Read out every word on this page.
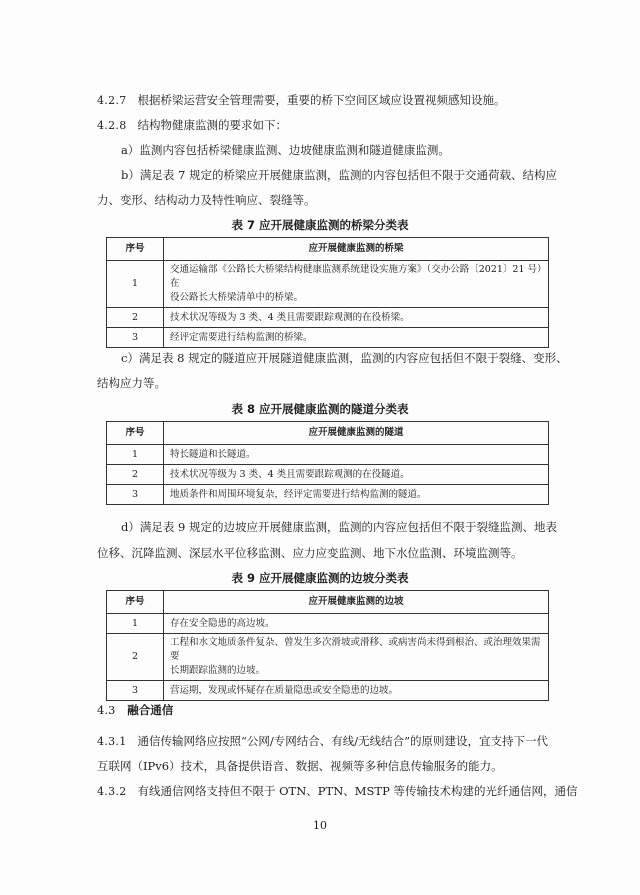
4.2.7 根据桥梁运营安全管理需要，重要的桥下空间区域应设置视频感知设施。
4.2.8 结构物健康监测的要求如下：
a）监测内容包括桥梁健康监测、边坡健康监测和隧道健康监测。
b）满足表 7 规定的桥梁应开展健康监测，监测的内容包括但不限于交通荷载、结构应
力、变形、结构动力及特性响应、裂缝等。
表 7 应开展健康监测的桥梁分类表
序号	应开展健康监测的桥梁
1	交通运输部《公路长大桥梁结构健康监测系统建设实施方案》（交办公路〔2021〕21 号）在
役公路长大桥梁清单中的桥梁。
2	技术状况等级为 3 类、4 类且需要跟踪观测的在役桥梁。
3	经评定需要进行结构监测的桥梁。
c）满足表 8 规定的隧道应开展隧道健康监测，监测的内容应包括但不限于裂缝、变形、
结构应力等。
表 8 应开展健康监测的隧道分类表
序号	应开展健康监测的隧道
1	特长隧道和长隧道。
2	技术状况等级为 3 类、4 类且需要跟踪观测的在役隧道。
3	地质条件和周围环境复杂，经评定需要进行结构监测的隧道。
d）满足表 9 规定的边坡应开展健康监测，监测的内容应包括但不限于裂缝监测、地表
位移、沉降监测、深层水平位移监测、应力应变监测、地下水位监测、环境监测等。
表 9 应开展健康监测的边坡分类表
序号	应开展健康监测的边坡
1	存在安全隐患的高边坡。
2	工程和水文地质条件复杂、曾发生多次滑坡或滑移、或病害尚未得到根治、或治理效果需要
长期跟踪监测的边坡。
3	营运期，发现或怀疑存在质量隐患或安全隐患的边坡。
4.3 融合通信
4.3.1 通信传输网络应按照“公网/专网结合、有线/无线结合”的原则建设，宜支持下一代
互联网（IPv6）技术，具备提供语音、数据、视频等多种信息传输服务的能力。
4.3.2 有线通信网络支持但不限于 OTN、PTN、MSTP 等传输技术构建的光纤通信网，通信
10
